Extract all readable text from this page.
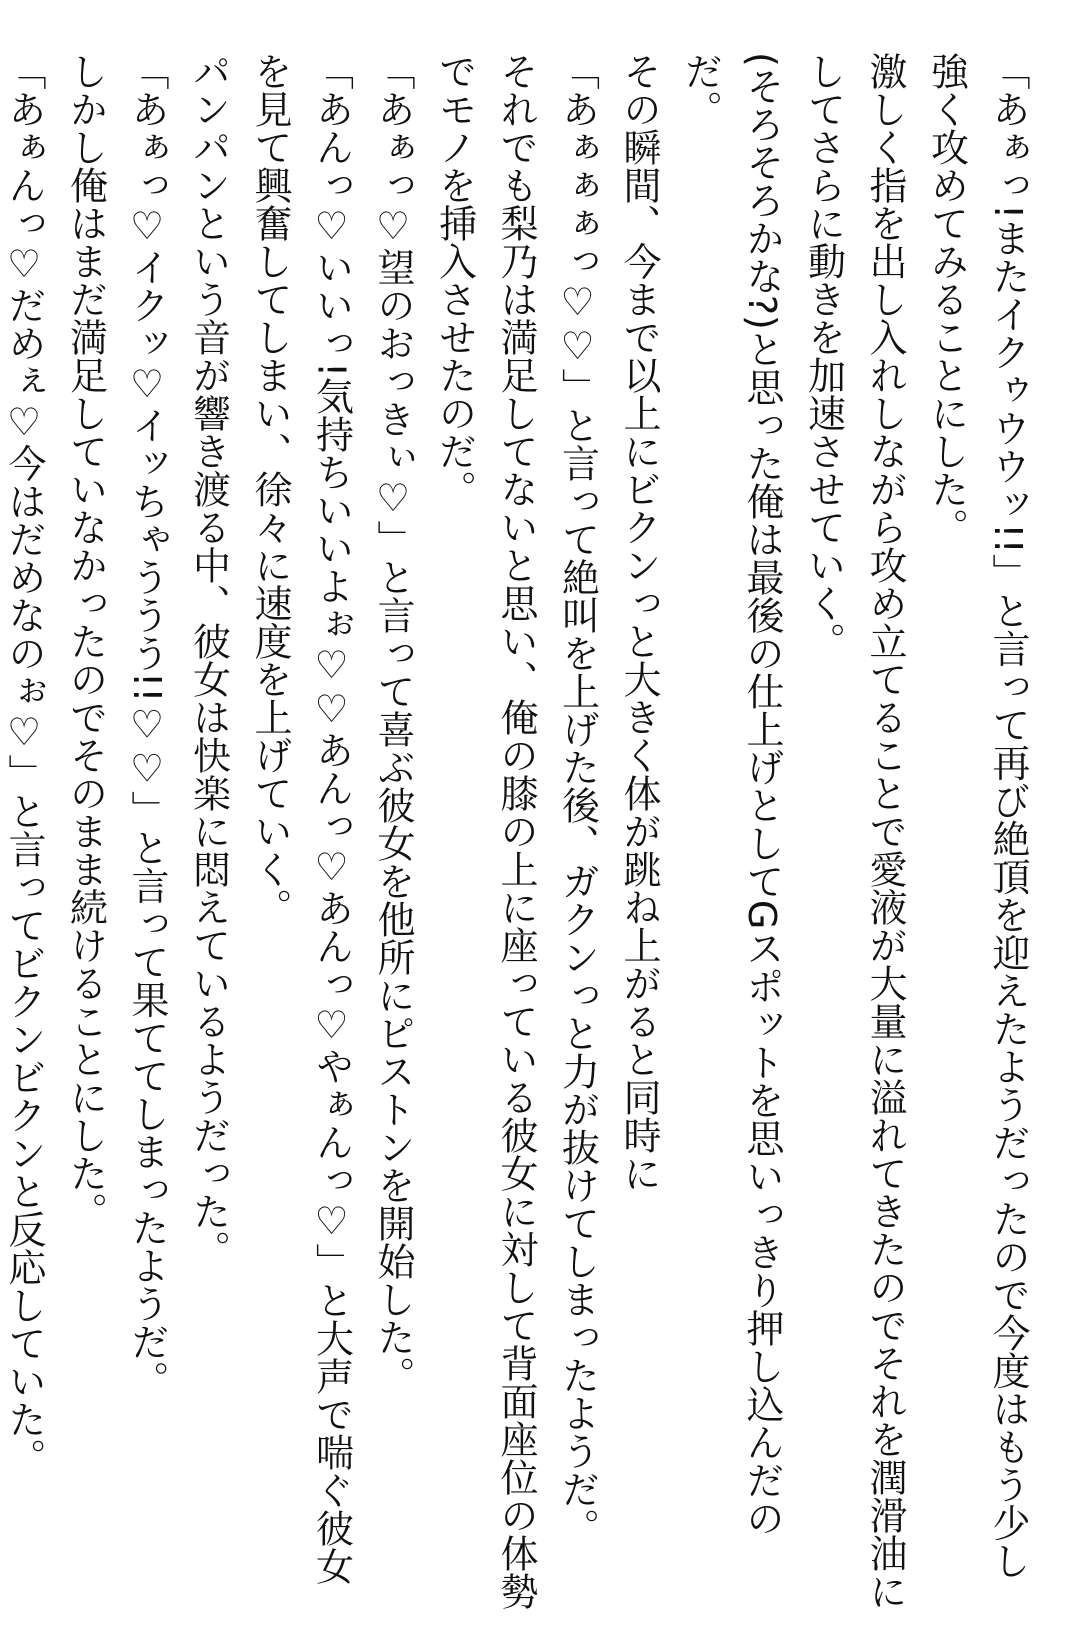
「あぁっ!またイクゥウウッ!!」と言って再び絶頂を迎えたようだったので今度はもう少し強く攻めてみることにした。

激しく指を出し入れしながら攻め立てることで愛液が大量に溢れてきたのでそれを潤滑油にしてさらに動きを加速させていく。

(そろそろかな?)と思った俺は最後の仕上げとしてGスポットを思いっきり押し込んだのだ。

その瞬間、今まで以上にビクンっと大きく体が跳ね上がると同時に

「あぁぁぁっ♡♡」と言って絶叫を上げた後、ガクンっと力が抜けてしまったようだ。

それでも梨乃は満足してないと思い、俺の膝の上に座っている彼女に対して背面座位の体勢でモノを挿入させたのだ。

「あぁっ♡望のおっきぃ♡」と言って喜ぶ彼女を他所にピストンを開始した。

「あんっ♡いいっ!気持ちいいよぉ♡♡あんっ♡あんっ♡やぁんっ♡」と大声で喘ぐ彼女を見て興奮してしまい、徐々に速度を上げていく。

パンパンという音が響き渡る中、彼女は快楽に悶えているようだった。

「あぁっ♡イクッ♡イッちゃううう!!♡♡」と言って果ててしまったようだ。

しかし俺はまだ満足していなかったのでそのまま続けることにした。

「あぁんっ♡だめぇ♡今はだめなのぉ♡」と言ってビクンビクンと反応していた。
